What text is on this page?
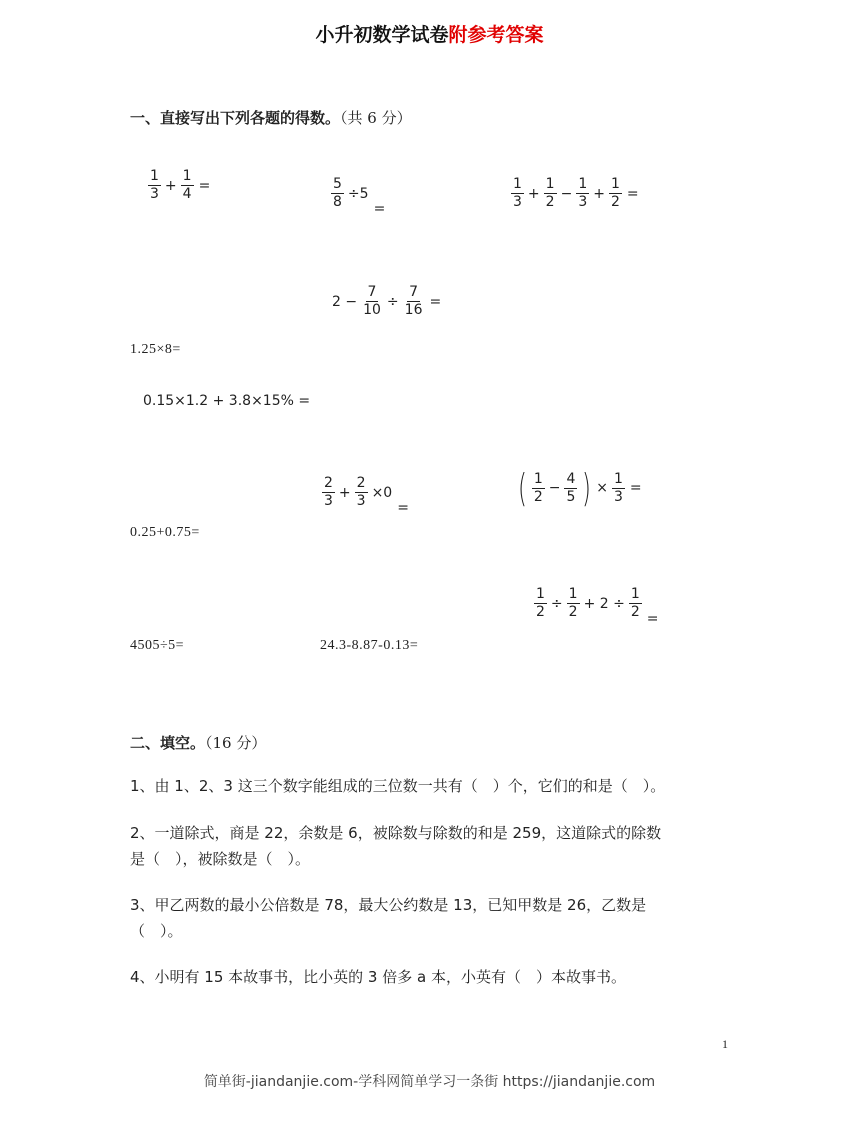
小升初数学试卷附参考答案
一、直接写出下列各题的得数。（共 6 分）
$\frac{1}{3} + \frac{1}{4}$ =	$\frac{5}{8} \div 5$
=	$\frac{1}{3} + \frac{1}{2} - \frac{1}{3} + \frac{1}{2}$ =
$2 - \frac{7}{10} \div \frac{7}{16}$ =
1.25×8=
0.15×1.2 + 3.8×15% =
$\frac{2}{3} + \frac{2}{3} \times 0$
=	( $\frac{1}{2} - \frac{4}{5}$ ) × $\frac{1}{3}$ =
0.25+0.75=
$\frac{1}{2} \div \frac{1}{2} + 2 \div \frac{1}{2}$ =
4505÷5=	24.3-8.87-0.13=
二、填空。（16 分）
1、由 1、2、3 这三个数字能组成的三位数一共有（　）个，它们的和是（　）。
2、一道除式，商是 22，余数是 6，被除数与除数的和是 259，这道除式的除数
是（　），被除数是（　）。
3、甲乙两数的最小公倍数是 78，最大公约数是 13，已知甲数是 26，乙数是
（　）。
4、小明有 15 本故事书，比小英的 3 倍多 a 本，小英有（　）本故事书。
1
简单街-jiandanjie.com-学科网简单学习一条街 https://jiandanjie.com
